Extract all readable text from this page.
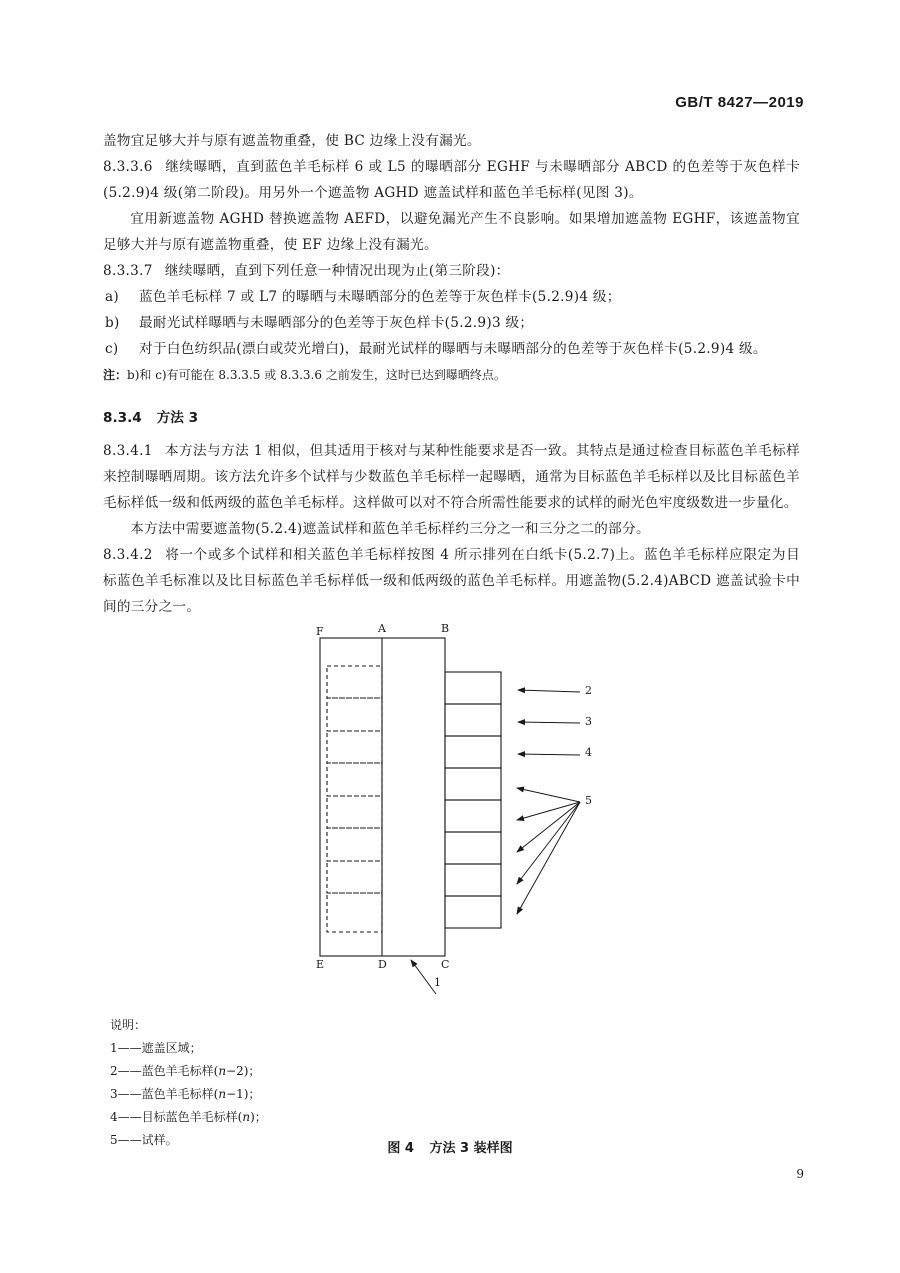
GB/T 8427—2019

盖物宜足够大并与原有遮盖物重叠，使 BC 边缘上没有漏光。

8.3.3.6 继续曝晒，直到蓝色羊毛标样 6 或 L5 的曝晒部分 EGHF 与未曝晒部分 ABCD 的色差等于灰色样卡(5.2.9)4 级(第二阶段)。用另外一个遮盖物 AGHD 遮盖试样和蓝色羊毛标样(见图 3)。

宜用新遮盖物 AGHD 替换遮盖物 AEFD，以避免漏光产生不良影响。如果增加遮盖物 EGHF，该遮盖物宜足够大并与原有遮盖物重叠，使 EF 边缘上没有漏光。

8.3.3.7 继续曝晒，直到下列任意一种情况出现为止(第三阶段)：

a) 蓝色羊毛标样 7 或 L7 的曝晒与未曝晒部分的色差等于灰色样卡(5.2.9)4 级；

b) 最耐光试样曝晒与未曝晒部分的色差等于灰色样卡(5.2.9)3 级；

c) 对于白色纺织品(漂白或荧光增白)，最耐光试样的曝晒与未曝晒部分的色差等于灰色样卡(5.2.9)4 级。

注：b)和 c)有可能在 8.3.3.5 或 8.3.3.6 之前发生，这时已达到曝晒终点。

8.3.4 方法 3

8.3.4.1 本方法与方法 1 相似，但其适用于核对与某种性能要求是否一致。其特点是通过检查目标蓝色羊毛标样来控制曝晒周期。该方法允许多个试样与少数蓝色羊毛标样一起曝晒，通常为目标蓝色羊毛标样以及比目标蓝色羊毛标样低一级和低两级的蓝色羊毛标样。这样做可以对不符合所需性能要求的试样的耐光色牢度级数进一步量化。

本方法中需要遮盖物(5.2.4)遮盖试样和蓝色羊毛标样约三分之一和三分之二的部分。

8.3.4.2 将一个或多个试样和相关蓝色羊毛标样按图 4 所示排列在白纸卡(5.2.7)上。蓝色羊毛标样应限定为目标蓝色羊毛标准以及比目标蓝色羊毛标样低一级和低两级的蓝色羊毛标样。用遮盖物(5.2.4)ABCD 遮盖试验卡中间的三分之一。

F	A	B
E	D	C
2
3
4
5
1
说明：
1——遮盖区域；
2——蓝色羊毛标样(n−2)；
3——蓝色羊毛标样(n−1)；
4——目标蓝色羊毛标样(n)；
5——试样。
图 4 方法 3 装样图
9
